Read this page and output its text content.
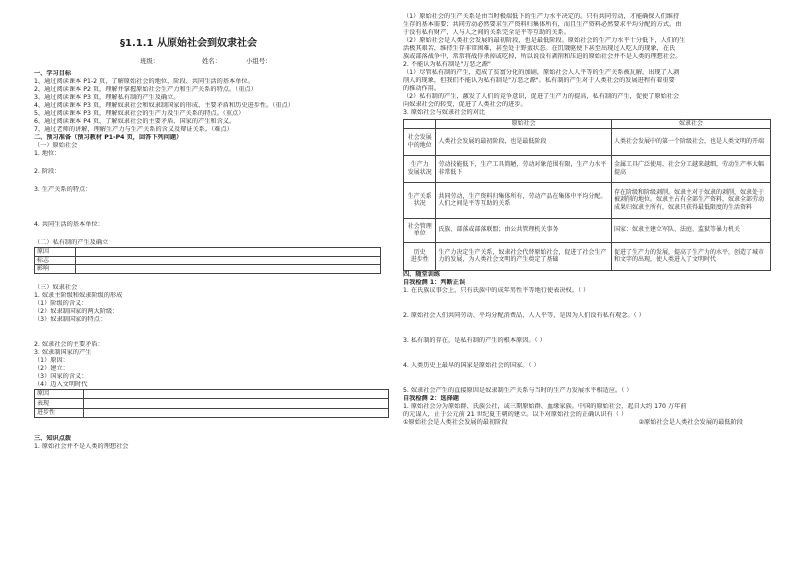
§1.1.1 从原始社会到奴隶社会
班级：	姓名：	小组号：
一、学习目标
1、通过阅读课本 P1-2 页，了解原始社会的地位、阶段、共同生活的基本单位。
2、通过阅读课本 P2 页，理解并掌握原始社会生产力和生产关系的特点。（重点）
3、通过阅读课本 P3 页，理解私有制的产生及确立。
4、通过阅读课本 P3 页，理解奴隶社会和奴隶制国家的形成、主要矛盾和历史进步性。（重点）
5、通过阅读课本 P3 页，理解奴隶社会的生产力及生产关系的特点。（重点）
6、通过阅读课本 P4 页，了解奴隶社会的主要矛盾、国家的产生和含义。
7、通过老师的讲解，理解生产力与生产关系的含义及辩证关系。（难点）
二、预习准备（预习教材 P1-P4 页，回答下列问题）
（一）原始社会
1. 地位：
2. 阶段：
3. 生产关系的特点：
4. 共同生活的基本单位：
（二）私有制的产生及确立
原因	
标志	
影响	
（三）奴隶社会
1. 奴隶主阶级和奴隶阶级的形成
（1）阶级的含义：
（2）奴隶制国家的两大阶级：
（3）奴隶制国家的特点：
2. 奴隶社会的主要矛盾：
3. 奴隶制国家的产生
（1）原因：
（2）建立：
（3）国家的含义：
（4）迈入文明时代
原因	
表现	
进步性	
三、知识点拨
1. 原始社会并不是人类的理想社会
（1）原始社会的生产关系是由当时极端低下的生产力水平决定的。只有共同劳动，才能确保人们维持
生存的基本需要；共同劳动必然要求生产资料归集体所有，而且生产资料必然要求平均分配的方式。由
于没有私有财产，人与人之间的关系完全是平等互助的关系。
（2）原始社会是人类社会发展的最初阶段，也是最低阶段。原始社会的生产力水平十分低下，人们的生
活极其艰苦，维持生存非常困难，甚至处于野蛮状态。在饥饿驱使下甚至出现过人吃人的现象，在氏
族或部落战争中，常常将战俘杀掉或吃掉，所以说没有剥削和压迫的原始社会并不是人类的理想社会。
2. 不能认为私有制是"万恶之源"
（1）尽管私有制的产生，造成了贫富分化的加剧，原始社会人人平等的生产关系被瓦解，出现了人剥
削人的现象，但我们不能认为私有制是"万恶之源"。私有制的产生对于人类社会的发展进程有着重要
的推动作用。
（2）私有制的产生，激发了人们的竞争意识，促进了生产力的提高，私有制的产生，促使了原始社会
向奴隶社会的转变，促进了人类社会的进步。
3. 原始社会与奴隶社会的对比
	原始社会	奴隶社会
社会发展
中的地位	人类社会发展的最初阶段，也是最低阶段	人类社会发展中的第一个阶级社会，也是人类文明的开端
生产力
发展状况	劳动技能低下，生产工具简陋，劳动对象范围有限，生产力水平非常低下	金属工具广泛使用，社会分工越来越细，劳动生产率大幅提高
生产关系
状况	共同劳动，生产资料归集体所有，劳动产品在集体中平均分配。人们之间是平等互助的关系	存在阶级和阶级剥削，奴隶主对于奴隶的剥削，奴隶处于被剥削的地位。奴隶主占有全部生产资料，奴隶全部劳动成果归奴隶主所有，奴隶只获得最低限度的生活资料
社会管理
单位	氏族、部落或部落联盟；由公共管理机关事务	国家：奴隶主建立军队、法庭、监狱等暴力机关
历史
进步性	生产力决定生产关系，奴隶社会代替原始社会，促进了社会生产力的发展，为人类社会文明的产生奠定了基础	促进了生产力的发展，提高了生产力的水平，创造了城市和文字的出现，使人类进入了文明时代
四、随堂训练
自我检测 1：判断正误
1. 在氏族议事会上，只有氏族中的成年男性平等地行使表决权。（ ）
2. 原始社会人们共同劳动、平均分配消费品，人人平等，是因为人们没有私有观念。（ ）
3. 私有制的存在，是私有制的产生的根本原因。（ ）
4. 人类历史上最早的国家是原始社会的国家。（ ）
5. 奴隶社会产生的直接原因是奴隶制生产关系与当时的生产力发展水平相适应。（ ）
自我检测 2：选择题
1. 原始社会分为原始群、氏族公社，或三期原始群、血缘家族。中国的原始社会，起自大约 170 万年前
的元谋人，止于公元前 21 世纪夏王朝的建立。以下对原始社会的正确认识有（ ）
①原始社会是人类社会发展的最初阶段	②原始社会是人类社会发展的最低阶段
